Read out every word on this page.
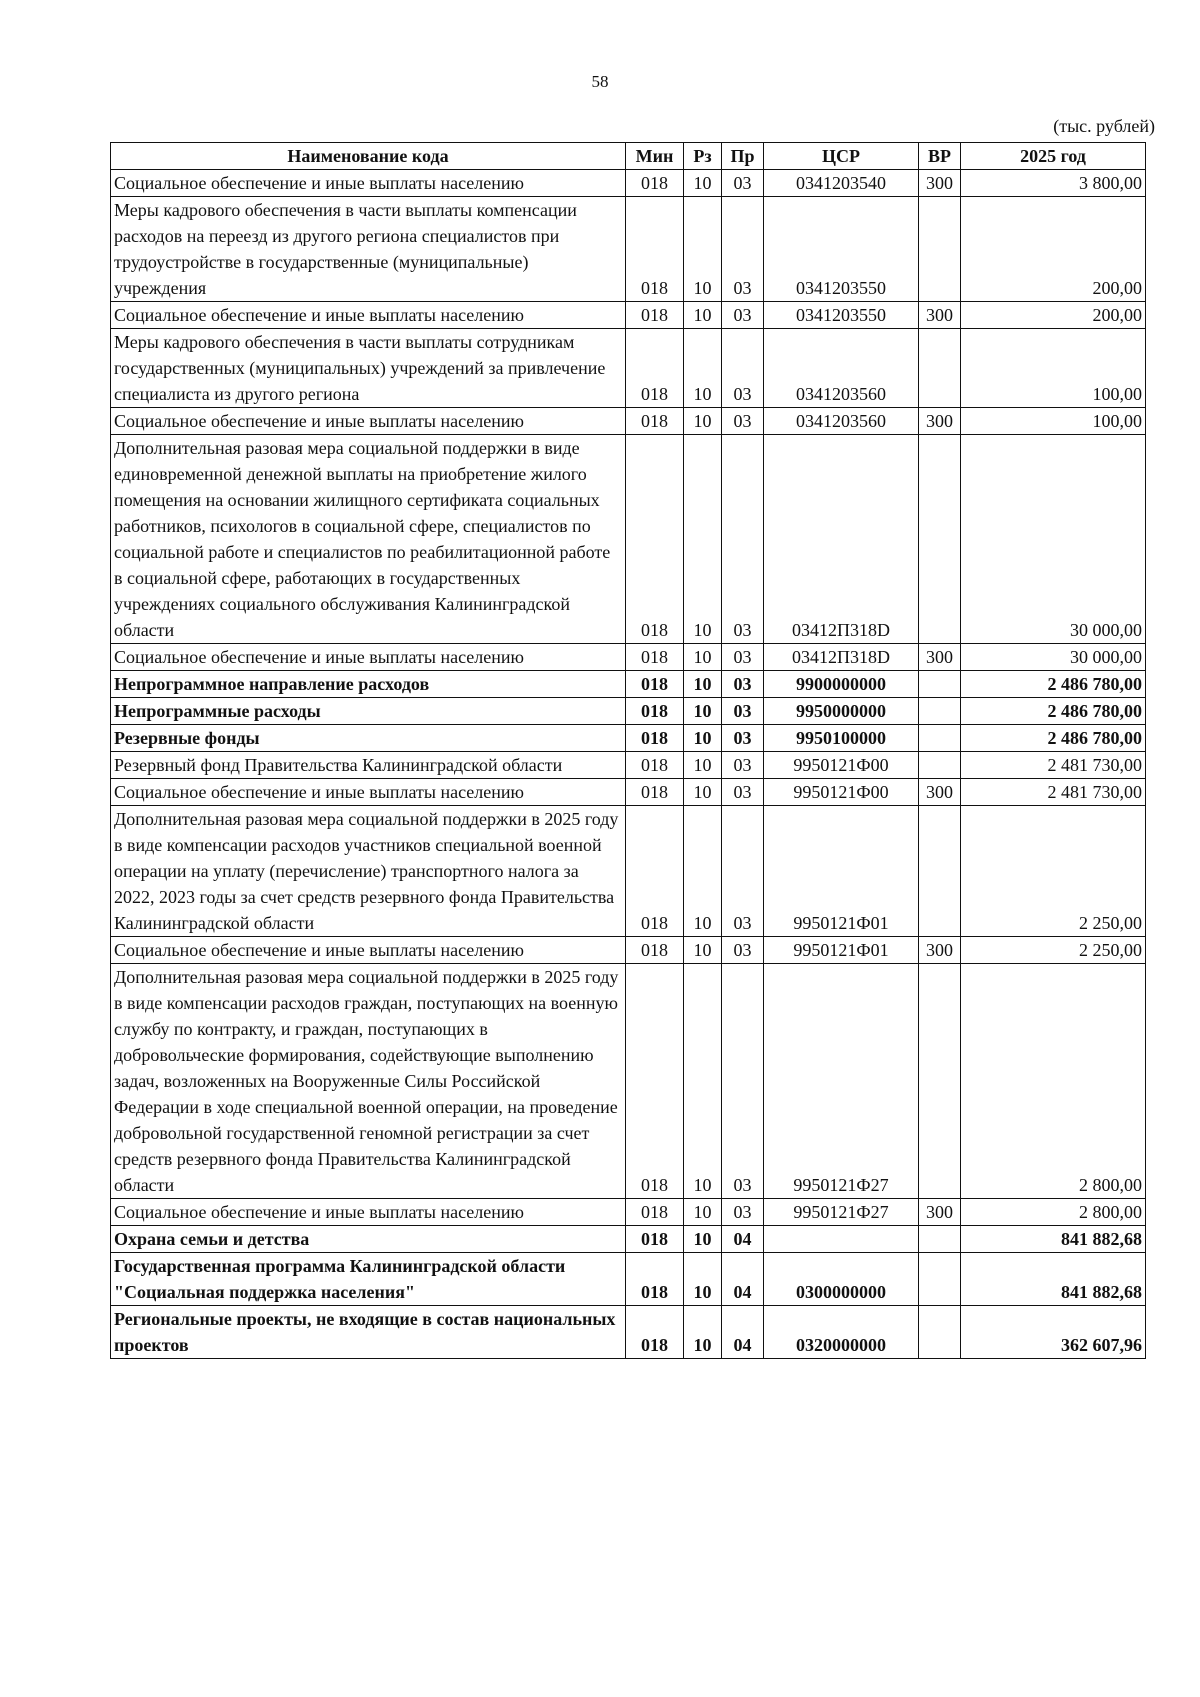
58
(тыс. рублей)
Наименование кода	Мин	Рз	Пр	ЦСР	ВР	2025 год
Социальное обеспечение и иные выплаты населению	018	10	03	0341203540	300	3 800,00
Меры кадрового обеспечения в части выплаты компенсации расходов на переезд из другого региона специалистов при трудоустройстве в государственные (муниципальные) учреждения	018	10	03	0341203550		200,00
Социальное обеспечение и иные выплаты населению	018	10	03	0341203550	300	200,00
Меры кадрового обеспечения в части выплаты сотрудникам государственных (муниципальных) учреждений за привлечение специалиста из другого региона	018	10	03	0341203560		100,00
Социальное обеспечение и иные выплаты населению	018	10	03	0341203560	300	100,00
Дополнительная разовая мера социальной поддержки в виде единовременной денежной выплаты на приобретение жилого помещения на основании жилищного сертификата социальных работников, психологов в социальной сфере, специалистов по социальной работе и специалистов по реабилитационной работе в социальной сфере, работающих в государственных учреждениях социального обслуживания Калининградской области	018	10	03	03412П318D		30 000,00
Социальное обеспечение и иные выплаты населению	018	10	03	03412П318D	300	30 000,00
Непрограммное направление расходов	018	10	03	9900000000		2 486 780,00
Непрограммные расходы	018	10	03	9950000000		2 486 780,00
Резервные фонды	018	10	03	9950100000		2 486 780,00
Резервный фонд Правительства Калининградской области	018	10	03	9950121Ф00		2 481 730,00
Социальное обеспечение и иные выплаты населению	018	10	03	9950121Ф00	300	2 481 730,00
Дополнительная разовая мера социальной поддержки в 2025 году в виде компенсации расходов участников специальной военной операции на уплату (перечисление) транспортного налога за 2022, 2023 годы за счет средств резервного фонда Правительства Калининградской области	018	10	03	9950121Ф01		2 250,00
Социальное обеспечение и иные выплаты населению	018	10	03	9950121Ф01	300	2 250,00
Дополнительная разовая мера социальной поддержки в 2025 году в виде компенсации расходов граждан, поступающих на военную службу по контракту, и граждан, поступающих в добровольческие формирования, содействующие выполнению задач, возложенных на Вооруженные Силы Российской Федерации в ходе специальной военной операции, на проведение добровольной государственной геномной регистрации за счет средств резервного фонда Правительства Калининградской области	018	10	03	9950121Ф27		2 800,00
Социальное обеспечение и иные выплаты населению	018	10	03	9950121Ф27	300	2 800,00
Охрана семьи и детства	018	10	04			841 882,68
Государственная программа Калининградской области "Социальная поддержка населения"	018	10	04	0300000000		841 882,68
Региональные проекты, не входящие в состав национальных проектов	018	10	04	0320000000		362 607,96
